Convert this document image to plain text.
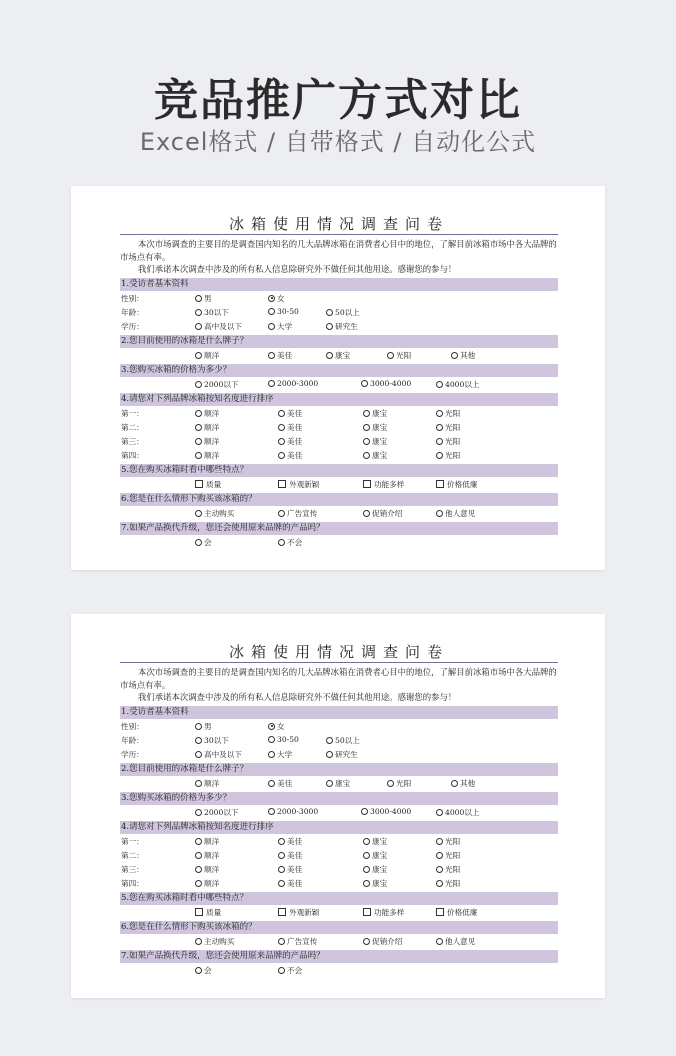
竞品推广方式对比
Excel格式 / 自带格式 / 自动化公式
冰箱使用情况调查问卷
本次市场调查的主要目的是调查国内知名的几大品牌冰箱在消费者心目中的地位，了解目前冰箱市场中各大品牌的市场点有率。
我们承诺本次调查中涉及的所有私人信息除研究外不做任何其他用途。感谢您的参与！
1.受访者基本资料
性别：	男	女
年龄：	30以下	30-50	50以上
学历：	高中及以下	大学	研究生
2.您目前使用的冰箱是什么牌子？
顺洋	美佳	康宝	光阳	其他
3.您购买冰箱的价格为多少？
2000以下	2000-3000	3000-4000	4000以上
4.请您对下列品牌冰箱按知名度进行排序
第一：	顺洋	美佳	康宝	光阳
第二：	顺洋	美佳	康宝	光阳
第三：	顺洋	美佳	康宝	光阳
第四：	顺洋	美佳	康宝	光阳
5.您在购买冰箱时看中哪些特点？
质量	外观新颖	功能多样	价格低廉
6.您是在什么情形下购买该冰箱的？
主动购买	广告宣传	促销介绍	他人意见
7.如果产品换代升级，您还会使用原来品牌的产品吗？
会	不会
冰箱使用情况调查问卷
本次市场调查的主要目的是调查国内知名的几大品牌冰箱在消费者心目中的地位，了解目前冰箱市场中各大品牌的市场点有率。
我们承诺本次调查中涉及的所有私人信息除研究外不做任何其他用途。感谢您的参与！
1.受访者基本资料
性别：	男	女
年龄：	30以下	30-50	50以上
学历：	高中及以下	大学	研究生
2.您目前使用的冰箱是什么牌子？
顺洋	美佳	康宝	光阳	其他
3.您购买冰箱的价格为多少？
2000以下	2000-3000	3000-4000	4000以上
4.请您对下列品牌冰箱按知名度进行排序
第一：	顺洋	美佳	康宝	光阳
第二：	顺洋	美佳	康宝	光阳
第三：	顺洋	美佳	康宝	光阳
第四：	顺洋	美佳	康宝	光阳
5.您在购买冰箱时看中哪些特点？
质量	外观新颖	功能多样	价格低廉
6.您是在什么情形下购买该冰箱的？
主动购买	广告宣传	促销介绍	他人意见
7.如果产品换代升级，您还会使用原来品牌的产品吗？
会	不会
